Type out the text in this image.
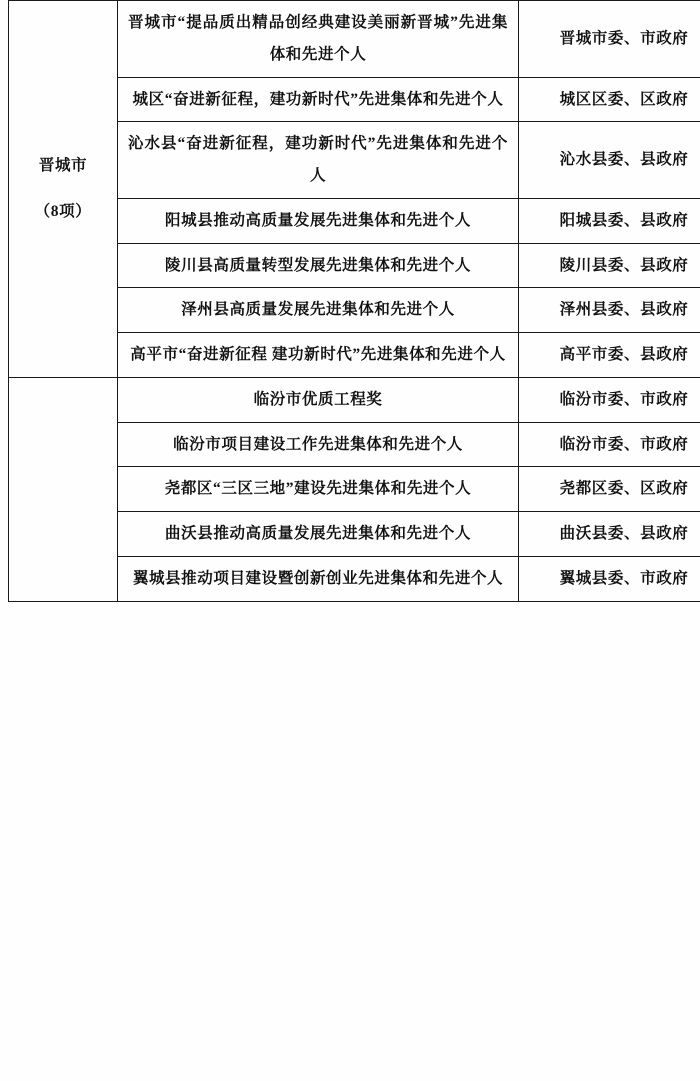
晋城市
（8项）	晋城市“提品质出精品创经典建设美丽新晋城”先进集体和先进个人	晋城市委、市政府

	城区“奋进新征程，建功新时代”先进集体和先进个人	城区区委、区政府

	沁水县“奋进新征程，建功新时代”先进集体和先进个人	沁水县委、县政府

	阳城县推动高质量发展先进集体和先进个人	阳城县委、县政府

	陵川县高质量转型发展先进集体和先进个人	陵川县委、县政府

	泽州县高质量发展先进集体和先进个人	泽州县委、县政府

	高平市“奋进新征程 建功新时代”先进集体和先进个人	高平市委、县政府

	临汾市优质工程奖	临汾市委、市政府

	临汾市项目建设工作先进集体和先进个人	临汾市委、市政府

	尧都区“三区三地”建设先进集体和先进个人	尧都区委、区政府

	曲沃县推动高质量发展先进集体和先进个人	曲沃县委、县政府

	翼城县推动项目建设暨创新创业先进集体和先进个人	翼城县委、市政府
